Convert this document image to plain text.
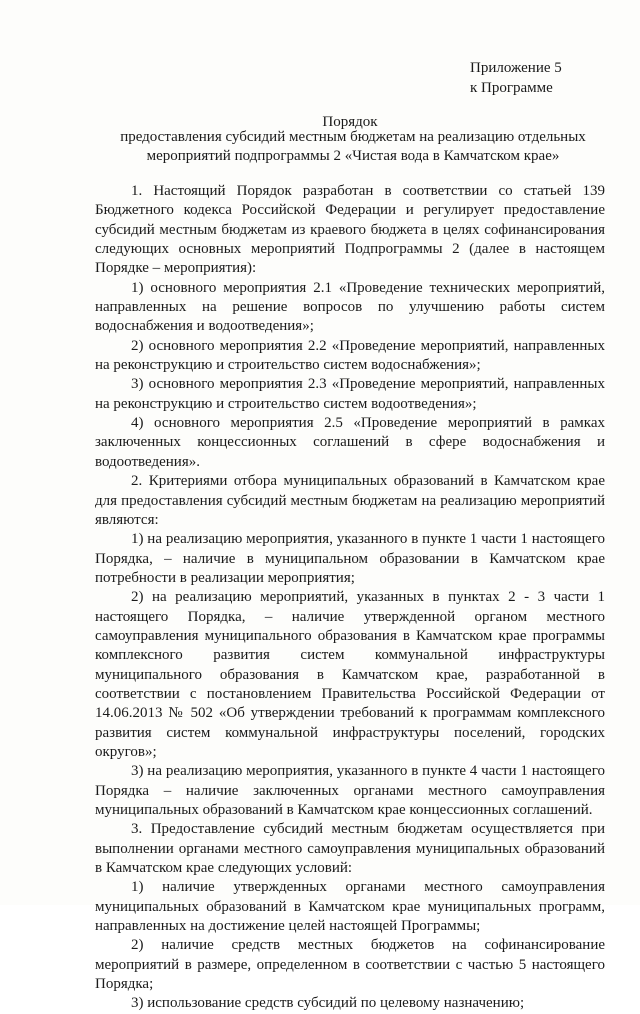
Приложение 5
к Программе
Порядок
предоставления субсидий местным бюджетам на реализацию отдельных мероприятий подпрограммы 2 «Чистая вода в Камчатском крае»

1. Настоящий Порядок разработан в соответствии со статьей 139 Бюджетного кодекса Российской Федерации и регулирует предоставление субсидий местным бюджетам из краевого бюджета в целях софинансирования следующих основных мероприятий Подпрограммы 2 (далее в настоящем Порядке – мероприятия):

1) основного мероприятия 2.1 «Проведение технических мероприятий, направленных на решение вопросов по улучшению работы систем водоснабжения и водоотведения»;

2) основного мероприятия 2.2 «Проведение мероприятий, направленных на реконструкцию и строительство систем водоснабжения»;

3) основного мероприятия 2.3 «Проведение мероприятий, направленных на реконструкцию и строительство систем водоотведения»;

4) основного мероприятия 2.5 «Проведение мероприятий в рамках заключенных концессионных соглашений в сфере водоснабжения и водоотведения».

2. Критериями отбора муниципальных образований в Камчатском крае для предоставления субсидий местным бюджетам на реализацию мероприятий являются:

1) на реализацию мероприятия, указанного в пункте 1 части 1 настоящего Порядка, – наличие в муниципальном образовании в Камчатском крае потребности в реализации мероприятия;

2) на реализацию мероприятий, указанных в пунктах 2 - 3 части 1 настоящего Порядка, – наличие утвержденной органом местного самоуправления муниципального образования в Камчатском крае программы комплексного развития систем коммунальной инфраструктуры муниципального образования в Камчатском крае, разработанной в соответствии с постановлением Правительства Российской Федерации от 14.06.2013 № 502 «Об утверждении требований к программам комплексного развития систем коммунальной инфраструктуры поселений, городских округов»;

3) на реализацию мероприятия, указанного в пункте 4 части 1 настоящего Порядка – наличие заключенных органами местного самоуправления муниципальных образований в Камчатском крае концессионных соглашений.

3. Предоставление субсидий местным бюджетам осуществляется при выполнении органами местного самоуправления муниципальных образований в Камчатском крае следующих условий:

1) наличие утвержденных органами местного самоуправления муниципальных образований в Камчатском крае муниципальных программ, направленных на достижение целей настоящей Программы;

2) наличие средств местных бюджетов на софинансирование мероприятий в размере, определенном в соответствии с частью 5 настоящего Порядка;

3) использование средств субсидий по целевому назначению;
